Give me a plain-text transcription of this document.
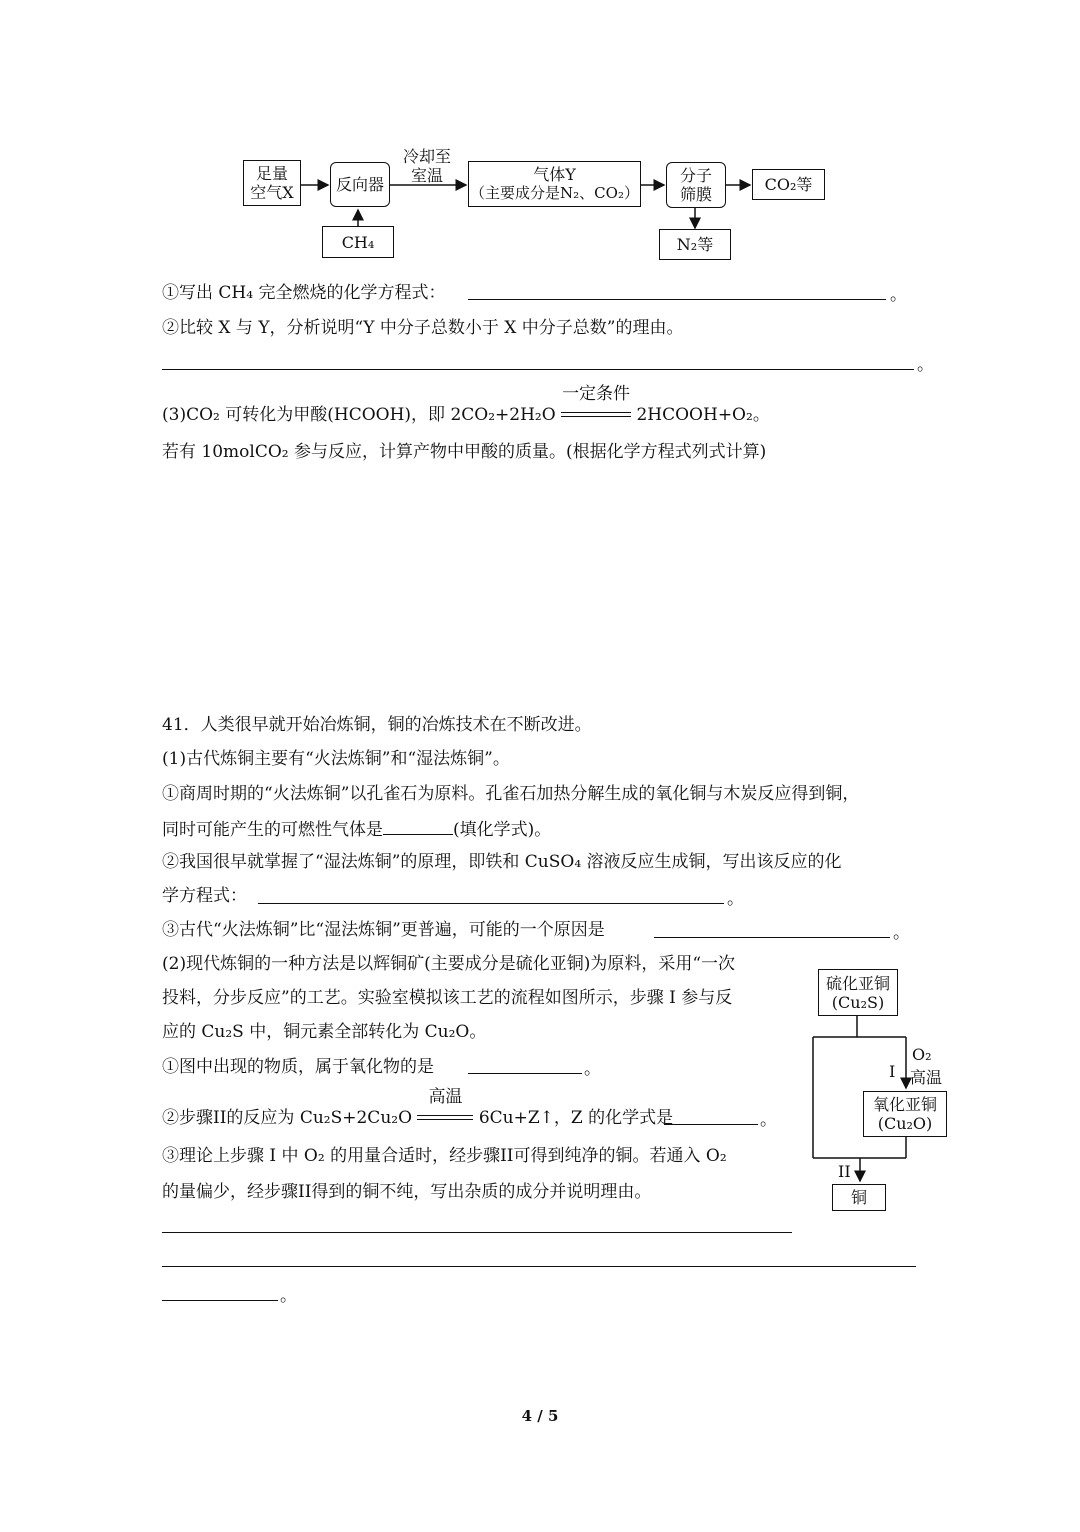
足量
空气X	反向器
CH₄
冷却至
室温	气体Y
（主要成分是N₂、CO₂）
分子
筛膜
CO₂等
N₂等
①写出 CH₄ 完全燃烧的化学方程式：	。
②比较 X 与 Y，分析说明“Y 中分子总数小于 X 中分子总数”的理由。
。
(3)CO₂ 可转化为甲酸(HCOOH)，即 2CO₂+2H₂O
一定条件
2HCOOH+O₂。
若有 10molCO₂ 参与反应，计算产物中甲酸的质量。(根据化学方程式列式计算)
41．人类很早就开始冶炼铜，铜的冶炼技术在不断改进。
(1)古代炼铜主要有“火法炼铜”和“湿法炼铜”。
①商周时期的“火法炼铜”以孔雀石为原料。孔雀石加热分解生成的氧化铜与木炭反应得到铜，
同时可能产生的可燃性气体是	(填化学式)。
②我国很早就掌握了“湿法炼铜”的原理，即铁和 CuSO₄ 溶液反应生成铜，写出该反应的化
学方程式：	。
③古代“火法炼铜”比“湿法炼铜”更普遍，可能的一个原因是	。
(2)现代炼铜的一种方法是以辉铜矿(主要成分是硫化亚铜)为原料，采用“一次
投料，分步反应”的工艺。实验室模拟该工艺的流程如图所示，步骤 I 参与反
应的 Cu₂S 中，铜元素全部转化为 Cu₂O。
①图中出现的物质，属于氧化物的是	。
②步骤II的反应为 Cu₂S+2Cu₂O
高温
6Cu+Z↑，Z 的化学式是	。
③理论上步骤 I 中 O₂ 的用量合适时，经步骤II可得到纯净的铜。若通入 O₂
的量偏少，经步骤II得到的铜不纯，写出杂质的成分并说明理由。
。
硫化亚铜
(Cu₂S)
O₂
I 高温
氧化亚铜
(Cu₂O)
II
铜
4 / 5
